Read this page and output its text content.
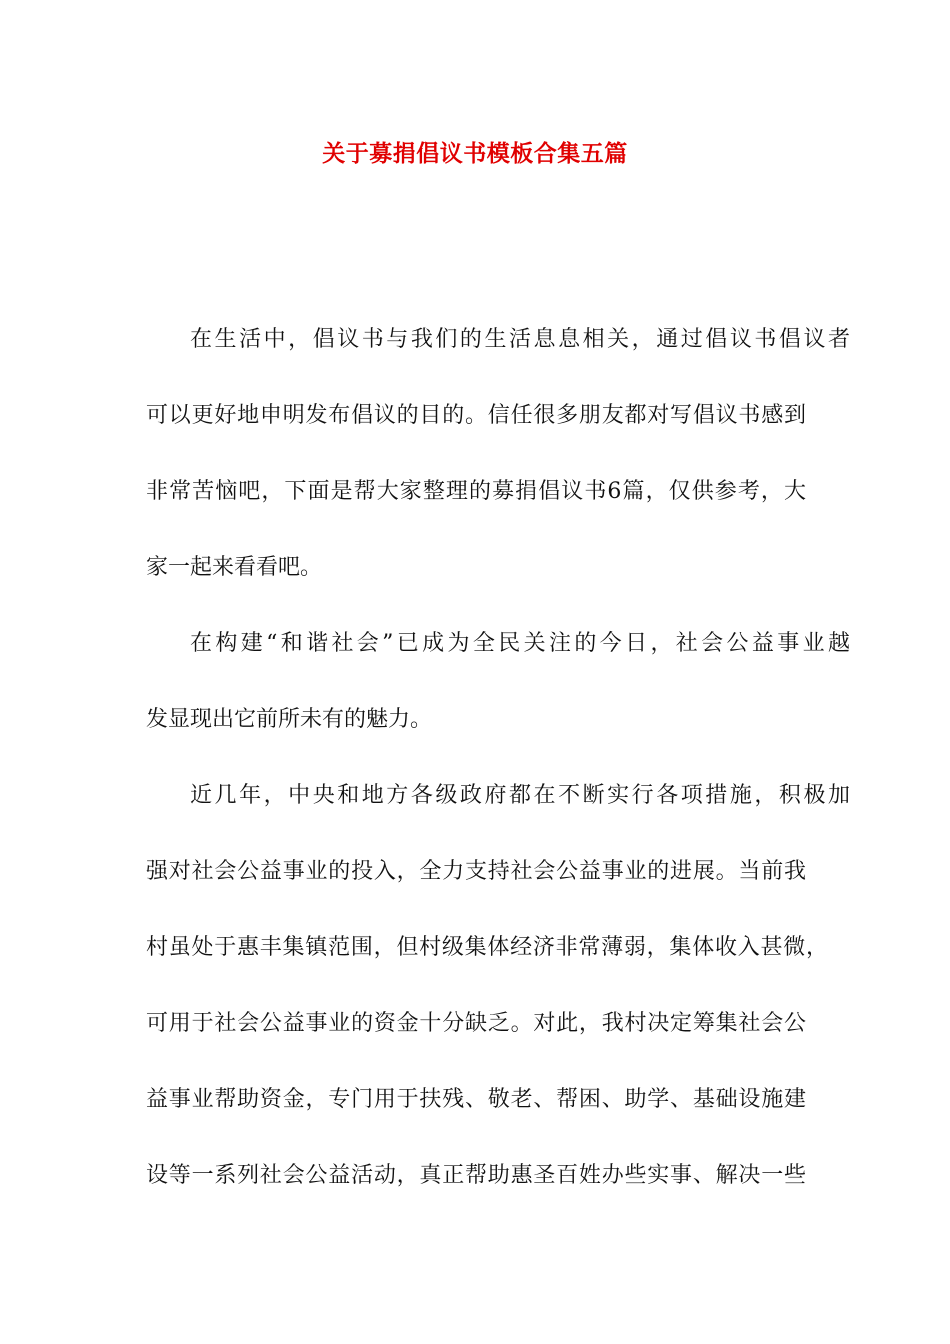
关于募捐倡议书模板合集五篇
在生活中，倡议书与我们的生活息息相关，通过倡议书倡议者
可以更好地申明发布倡议的目的。信任很多朋友都对写倡议书感到
非常苦恼吧，下面是帮大家整理的募捐倡议书6篇，仅供参考，大
家一起来看看吧。
在构建“和谐社会”已成为全民关注的今日，社会公益事业越
发显现出它前所未有的魅力。
近几年，中央和地方各级政府都在不断实行各项措施，积极加
强对社会公益事业的投入，全力支持社会公益事业的进展。当前我
村虽处于惠丰集镇范围，但村级集体经济非常薄弱，集体收入甚微，
可用于社会公益事业的资金十分缺乏。对此，我村决定筹集社会公
益事业帮助资金，专门用于扶残、敬老、帮困、助学、基础设施建
设等一系列社会公益活动，真正帮助惠圣百姓办些实事、解决一些
